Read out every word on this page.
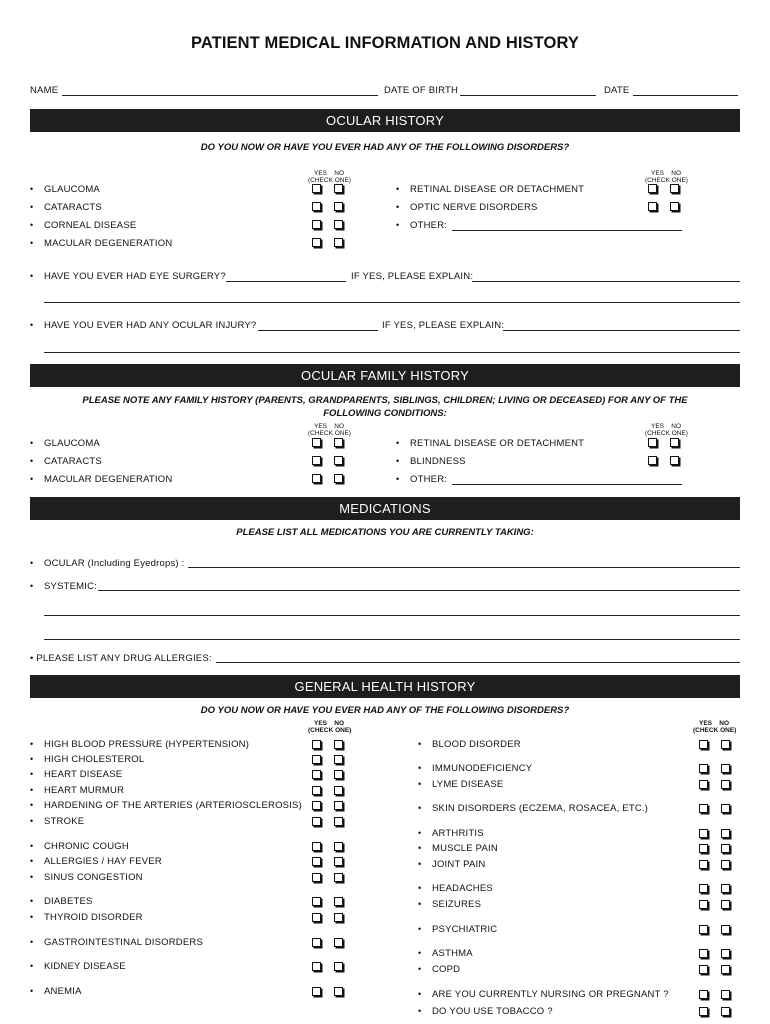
PATIENT MEDICAL INFORMATION AND HISTORY
NAME	DATE OF BIRTH	DATE
OCULAR HISTORY
DO YOU NOW OR HAVE YOU EVER HAD ANY OF THE FOLLOWING DISORDERS?
YES NO
(CHECK ONE)
YES NO
(CHECK ONE)
• GLAUCOMA
• CATARACTS
• CORNEAL DISEASE
• MACULAR DEGENERATION
• RETINAL DISEASE OR DETACHMENT
• OPTIC NERVE DISORDERS
• OTHER:
• HAVE YOU EVER HAD EYE SURGERY?	IF YES, PLEASE EXPLAIN:
• HAVE YOU EVER HAD ANY OCULAR INJURY?	IF YES, PLEASE EXPLAIN:
OCULAR FAMILY HISTORY
PLEASE NOTE ANY FAMILY HISTORY (PARENTS, GRANDPARENTS, SIBLINGS, CHILDREN; LIVING OR DECEASED) FOR ANY OF THE
FOLLOWING CONDITIONS:
YES NO
(CHECK ONE)
YES NO
(CHECK ONE)
• GLAUCOMA
• CATARACTS
• MACULAR DEGENERATION
• RETINAL DISEASE OR DETACHMENT
• BLINDNESS
• OTHER:
MEDICATIONS
PLEASE LIST ALL MEDICATIONS YOU ARE CURRENTLY TAKING:
• OCULAR (Including Eyedrops) :
• SYSTEMIC:
• PLEASE LIST ANY DRUG ALLERGIES:
GENERAL HEALTH HISTORY
DO YOU NOW OR HAVE YOU EVER HAD ANY OF THE FOLLOWING DISORDERS?
YES NO
(CHECK ONE)
YES NO
(CHECK ONE)
• HIGH BLOOD PRESSURE (HYPERTENSION)
• HIGH CHOLESTEROL
• HEART DISEASE
• HEART MURMUR
• HARDENING OF THE ARTERIES (ARTERIOSCLEROSIS)
• STROKE
• CHRONIC COUGH
• ALLERGIES / HAY FEVER
• SINUS CONGESTION
• DIABETES
• THYROID DISORDER
• GASTROINTESTINAL DISORDERS
• KIDNEY DISEASE
• ANEMIA
• BLOOD DISORDER
• IMMUNODEFICIENCY
• LYME DISEASE
• SKIN DISORDERS (ECZEMA, ROSACEA, ETC.)
• ARTHRITIS
• MUSCLE PAIN
• JOINT PAIN
• HEADACHES
• SEIZURES
• PSYCHIATRIC
• ASTHMA
• COPD
• ARE YOU CURRENTLY NURSING OR PREGNANT ?
• DO YOU USE TOBACCO ?
